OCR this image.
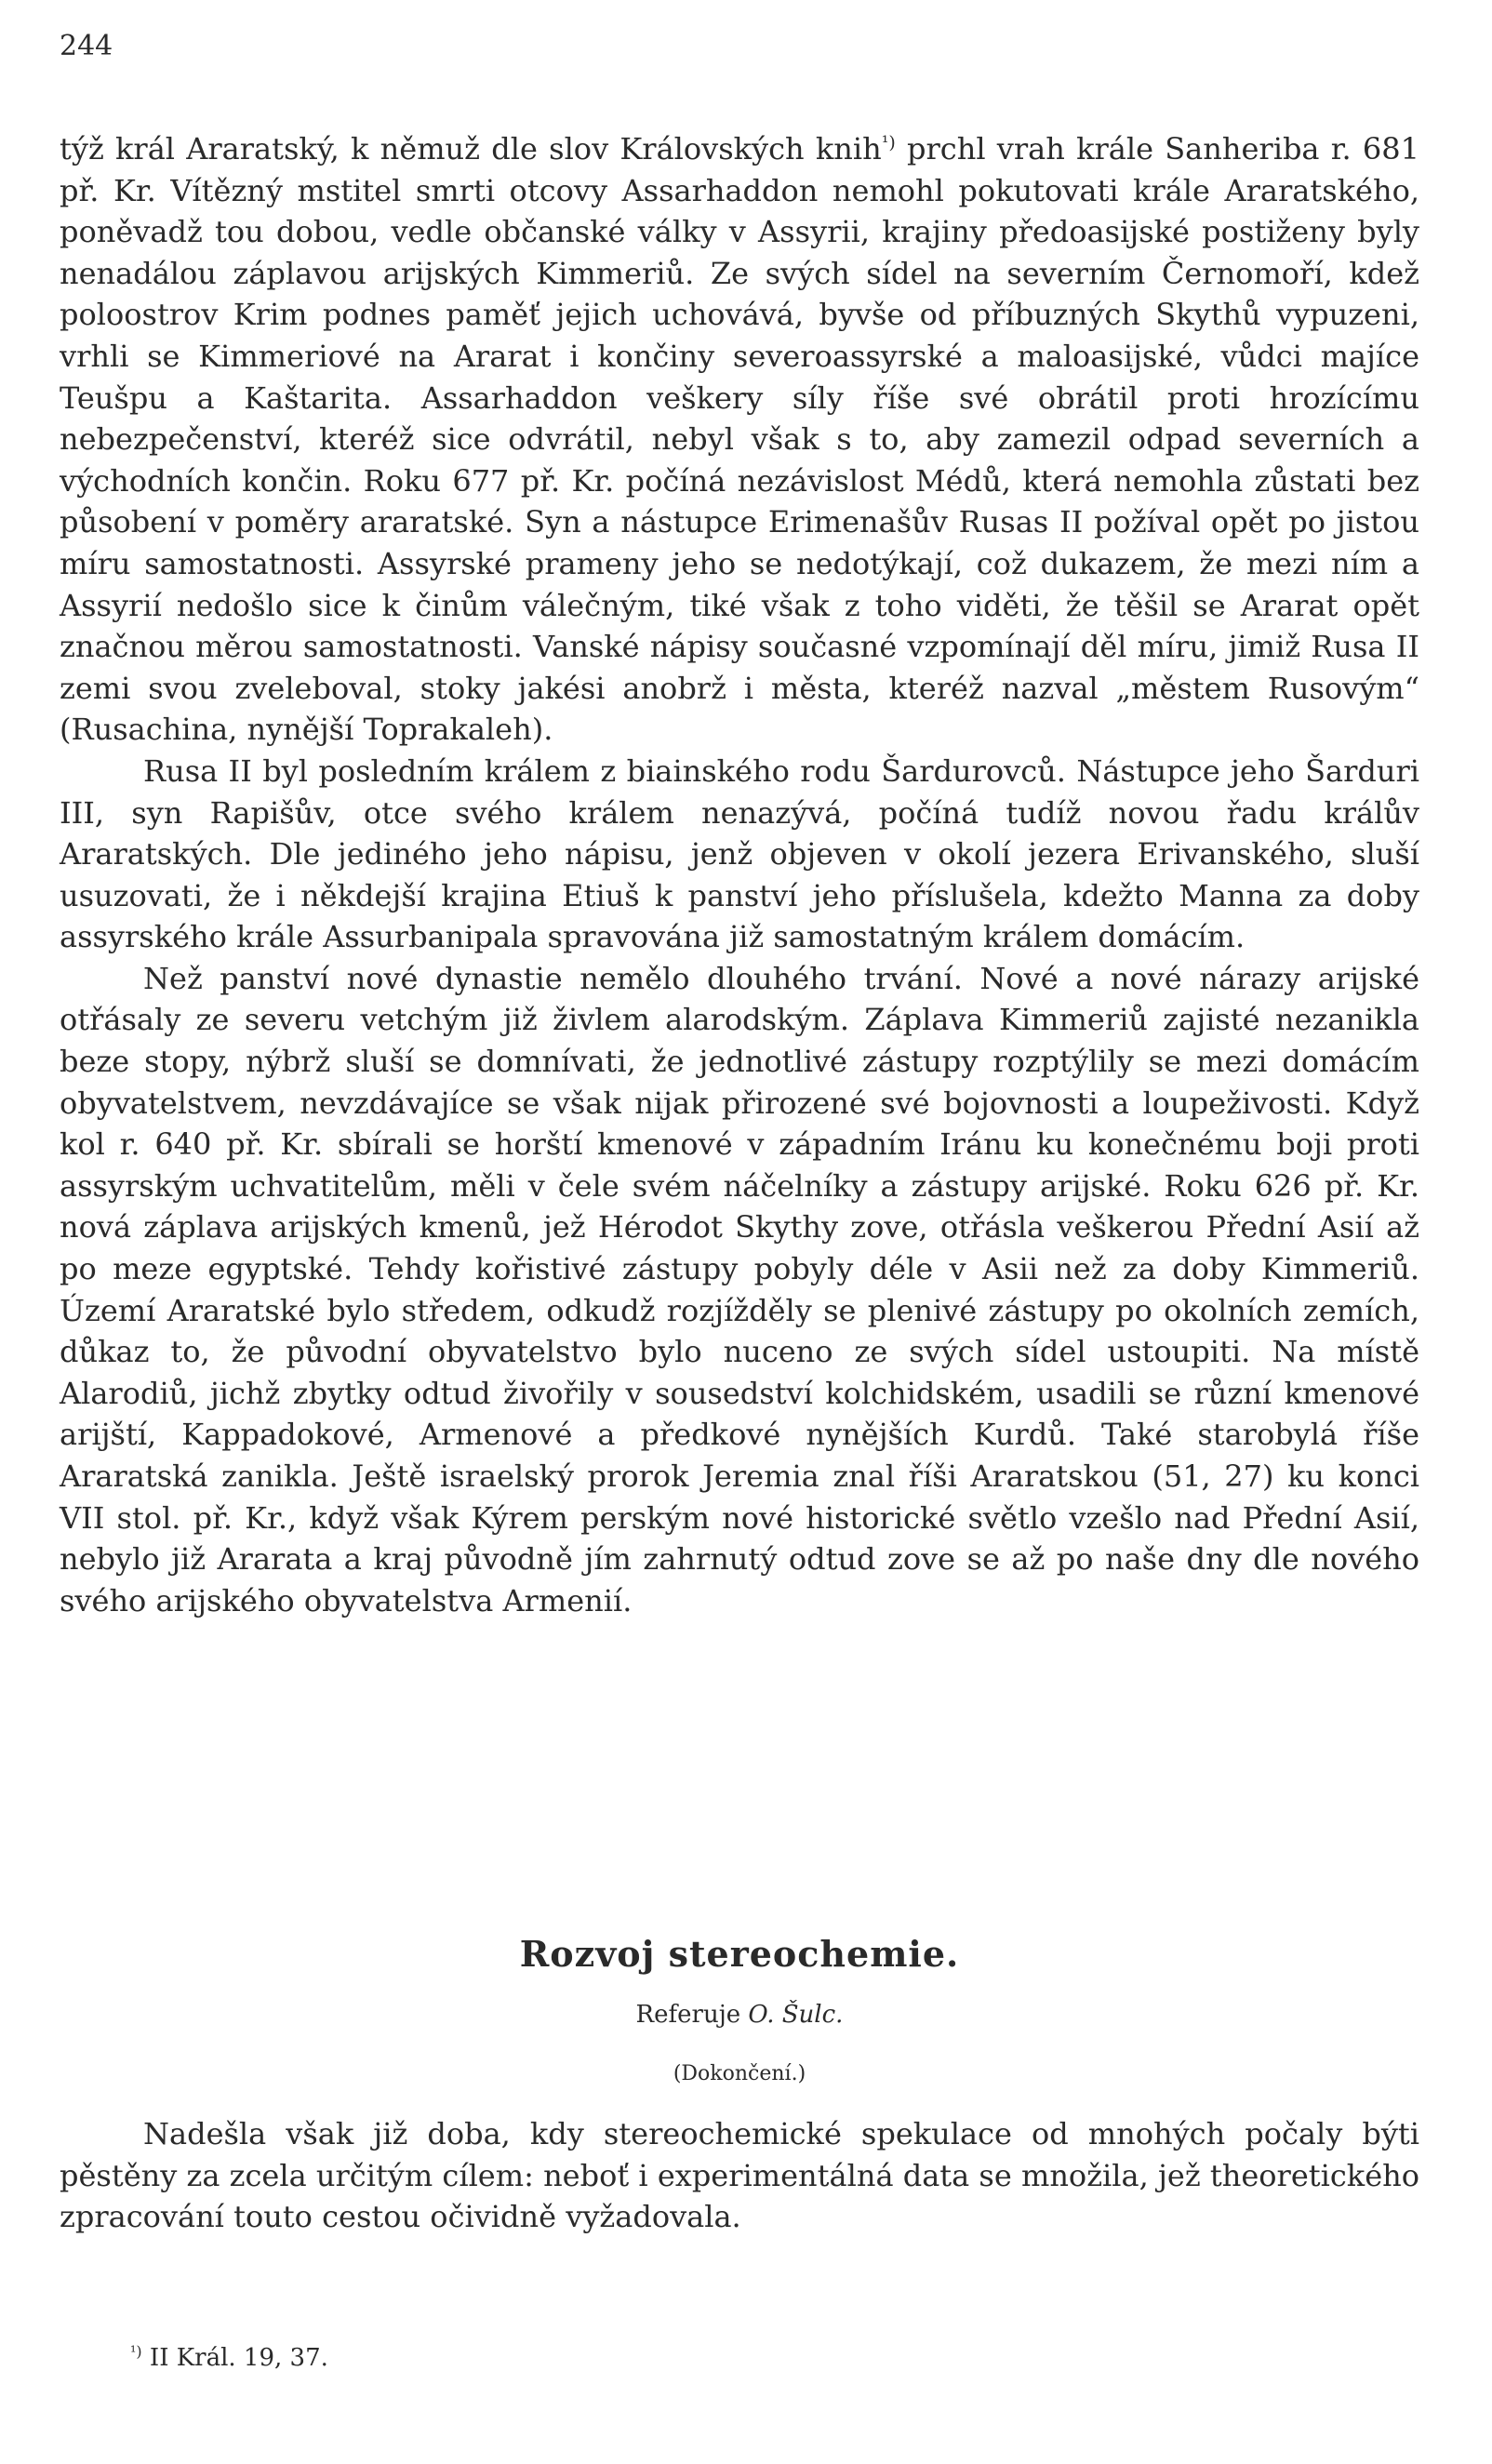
244

týž král Araratský, k němuž dle slov Královských knih$^{^1)}$ prchl vrah krále Sanheriba r. 681 př. Kr. Vítězný mstitel smrti otcovy Assarhaddon nemohl pokutovati krále Araratského, poněvadž tou dobou, vedle občanské války v Assyrii, krajiny předoasijské postiženy byly nenadálou záplavou arijských Kimmeriů. Ze svých sídel na severním Černomoří, kdež poloostrov Krim podnes paměť jejich uchovává, byvše od příbuzných Skythů vypuzeni, vrhli se Kimmeriové na Ararat i končiny severoassyrské a maloasijské, vůdci majíce Teušpu a Kaštarita. Assarhaddon veškery síly říše své obrátil proti hrozícímu nebezpečenství, kteréž sice odvrátil, nebyl však s to, aby zamezil odpad severních a východních končin. Roku 677 př. Kr. počíná nezávislost Médů, která nemohla zůstati bez působení v poměry araratské. Syn a nástupce Erimenašův Rusas II požíval opět po jistou míru samostatnosti. Assyrské prameny jeho se nedotýkají, což dukazem, že mezi ním a Assyrií nedošlo sice k činům válečným, tiké však z toho viděti, že těšil se Ararat opět značnou měrou samostatnosti. Vanské nápisy současné vzpomínají děl míru, jimiž Rusa II zemi svou zveleboval, stoky jakési anobrž i města, kteréž nazval „městem Rusovým“ (Rusachina, nynější Toprakaleh).

Rusa II byl posledním králem z biainského rodu Šardurovců. Nástupce jeho Šarduri III, syn Rapišův, otce svého králem nenazývá, počíná tudíž novou řadu králův Araratských. Dle jediného jeho nápisu, jenž objeven v okolí jezera Erivanského, sluší usuzovati, že i někdejší krajina Etiuš k panství jeho příslušela, kdežto Manna za doby assyrského krále Assurbanipala spravována již samostatným králem domácím.

Než panství nové dynastie nemělo dlouhého trvání. Nové a nové nárazy arijské otřásaly ze severu vetchým již živlem alarodským. Záplava Kimmeriů zajisté nezanikla beze stopy, nýbrž sluší se domnívati, že jednotlivé zástupy rozptýlily se mezi domácím obyvatelstvem, nevzdávajíce se však nijak přirozené své bojovnosti a loupeživosti. Když kol r. 640 př. Kr. sbírali se horští kmenové v západním Iránu ku konečnému boji proti assyrským uchvatitelům, měli v čele svém náčelníky a zástupy arijské. Roku 626 př. Kr. nová záplava arijských kmenů, jež Hérodot Skythy zove, otřásla veškerou Přední Asií až po meze egyptské. Tehdy kořistivé zástupy pobyly déle v Asii než za doby Kimmeriů. Území Araratské bylo středem, odkudž rozjížděly se plenivé zástupy po okolních zemích, důkaz to, že původní obyvatelstvo bylo nuceno ze svých sídel ustoupiti. Na místě Alarodiů, jichž zbytky odtud živořily v sousedství kolchidském, usadili se různí kmenové arijští, Kappadokové, Armenové a předkové nynějších Kurdů. Také starobylá říše Araratská zanikla. Ještě israelský prorok Jeremia znal říši Araratskou (51, 27) ku konci VII stol. př. Kr., když však Kýrem perským nové historické světlo vzešlo nad Přední Asií, nebylo již Ararata a kraj původně jím zahrnutý odtud zove se až po naše dny dle nového svého arijského obyvatelstva Armenií.

Rozvoj stereochemie.
Referuje O. Šulc.
(Dokončení.)

Nadešla však již doba, kdy stereochemické spekulace od mnohých počaly býti pěstěny za zcela určitým cílem: neboť i experimentálná data se množila, jež theoretického zpracování touto cestou očividně vyžadovala.

$^{^1)}$ II Král. 19, 37.
